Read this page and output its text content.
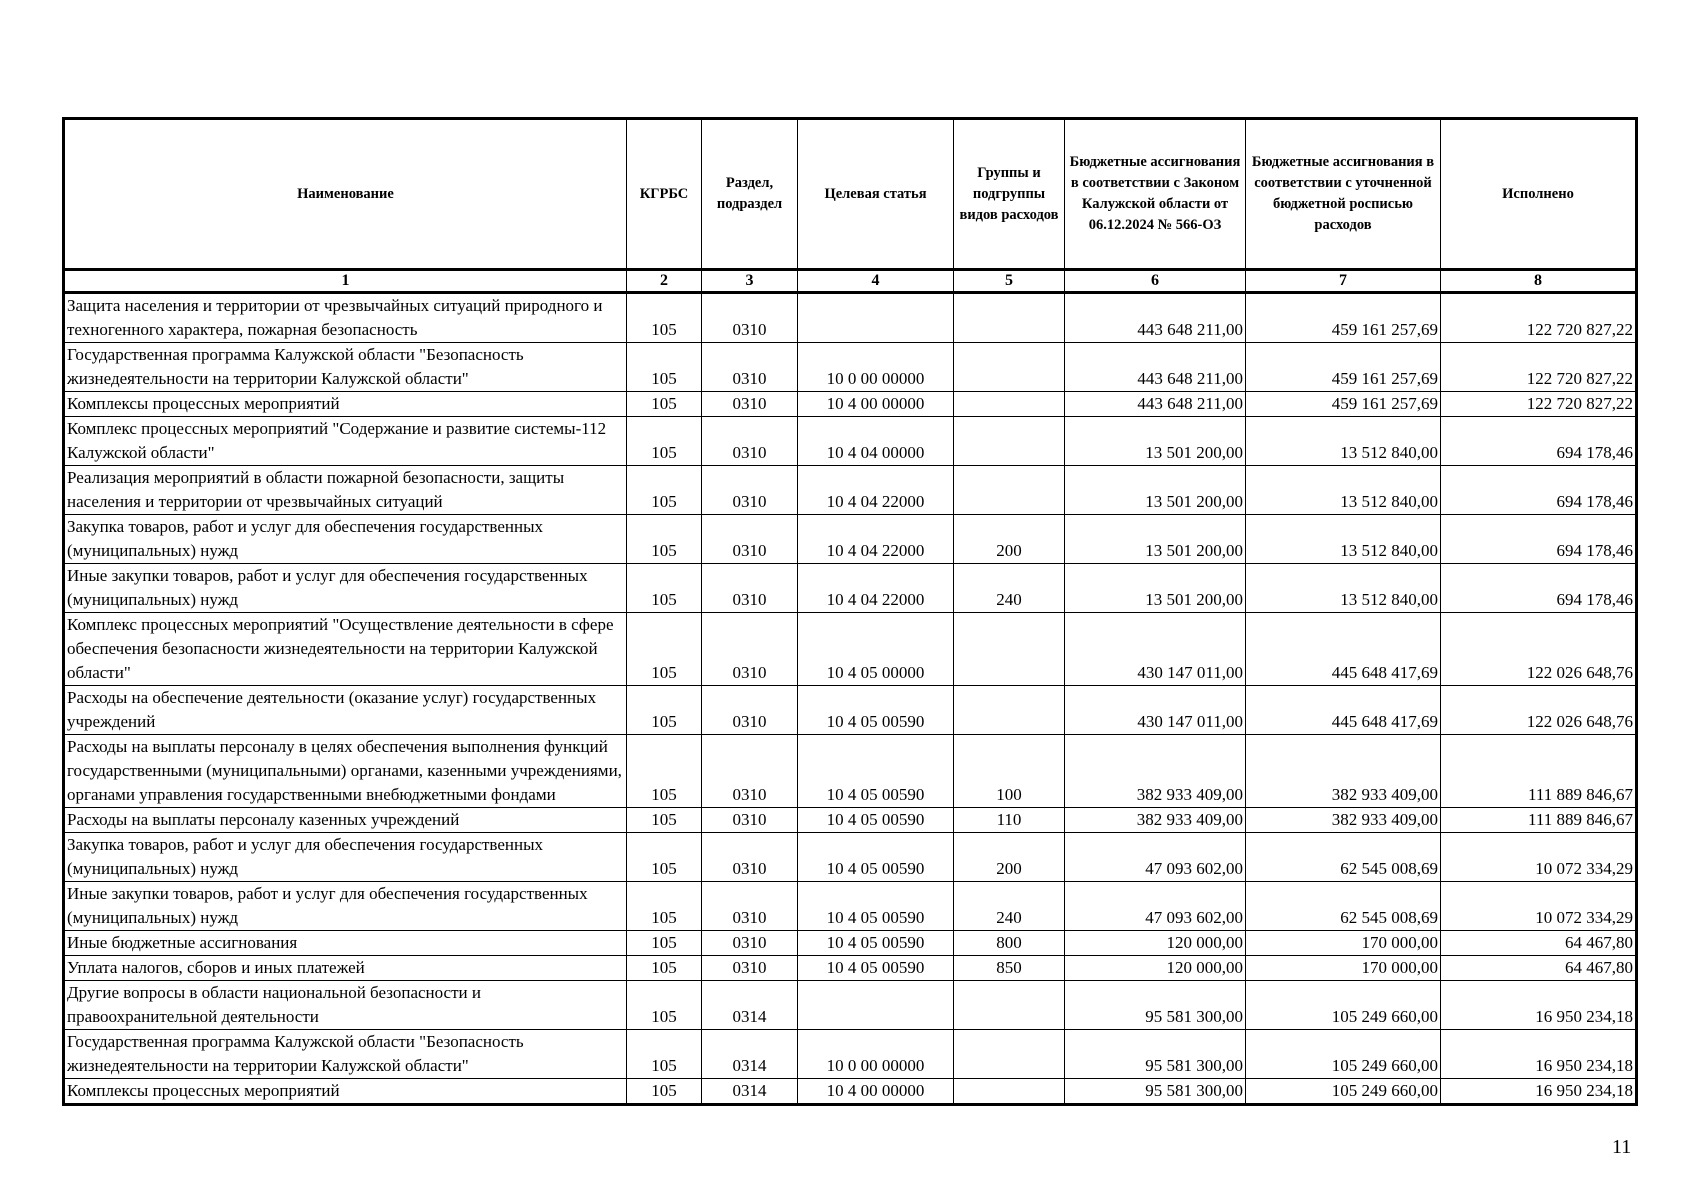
Наименование	КГРБС	Раздел, подраздел	Целевая статья	Группы и подгруппы видов расходов	Бюджетные ассигнования в соответствии с Законом Калужской области от 06.12.2024 № 566-ОЗ	Бюджетные ассигнования в соответствии с уточненной бюджетной росписью расходов	Исполнено
1	2	3	4	5	6	7	8
Защита населения и территории от чрезвычайных ситуаций природного и техногенного характера, пожарная безопасность	105	0310			443 648 211,00	459 161 257,69	122 720 827,22
Государственная программа Калужской области "Безопасность жизнедеятельности на территории Калужской области"	105	0310	10 0 00 00000		443 648 211,00	459 161 257,69	122 720 827,22
Комплексы процессных мероприятий	105	0310	10 4 00 00000		443 648 211,00	459 161 257,69	122 720 827,22
Комплекс процессных мероприятий "Содержание и развитие системы-112 Калужской области"	105	0310	10 4 04 00000		13 501 200,00	13 512 840,00	694 178,46
Реализация мероприятий в области пожарной безопасности, защиты населения и территории от чрезвычайных ситуаций	105	0310	10 4 04 22000		13 501 200,00	13 512 840,00	694 178,46
Закупка товаров, работ и услуг для обеспечения государственных (муниципальных) нужд	105	0310	10 4 04 22000	200	13 501 200,00	13 512 840,00	694 178,46
Иные закупки товаров, работ и услуг для обеспечения государственных (муниципальных) нужд	105	0310	10 4 04 22000	240	13 501 200,00	13 512 840,00	694 178,46
Комплекс процессных мероприятий "Осуществление деятельности в сфере обеспечения безопасности жизнедеятельности на территории Калужской области"	105	0310	10 4 05 00000		430 147 011,00	445 648 417,69	122 026 648,76
Расходы на обеспечение деятельности (оказание услуг) государственных учреждений	105	0310	10 4 05 00590		430 147 011,00	445 648 417,69	122 026 648,76
Расходы на выплаты персоналу в целях обеспечения выполнения функций государственными (муниципальными) органами, казенными учреждениями, органами управления государственными внебюджетными фондами	105	0310	10 4 05 00590	100	382 933 409,00	382 933 409,00	111 889 846,67
Расходы на выплаты персоналу казенных учреждений	105	0310	10 4 05 00590	110	382 933 409,00	382 933 409,00	111 889 846,67
Закупка товаров, работ и услуг для обеспечения государственных (муниципальных) нужд	105	0310	10 4 05 00590	200	47 093 602,00	62 545 008,69	10 072 334,29
Иные закупки товаров, работ и услуг для обеспечения государственных (муниципальных) нужд	105	0310	10 4 05 00590	240	47 093 602,00	62 545 008,69	10 072 334,29
Иные бюджетные ассигнования	105	0310	10 4 05 00590	800	120 000,00	170 000,00	64 467,80
Уплата налогов, сборов и иных платежей	105	0310	10 4 05 00590	850	120 000,00	170 000,00	64 467,80
Другие вопросы в области национальной безопасности и правоохранительной деятельности	105	0314			95 581 300,00	105 249 660,00	16 950 234,18
Государственная программа Калужской области "Безопасность жизнедеятельности на территории Калужской области"	105	0314	10 0 00 00000		95 581 300,00	105 249 660,00	16 950 234,18
Комплексы процессных мероприятий	105	0314	10 4 00 00000		95 581 300,00	105 249 660,00	16 950 234,18
11
